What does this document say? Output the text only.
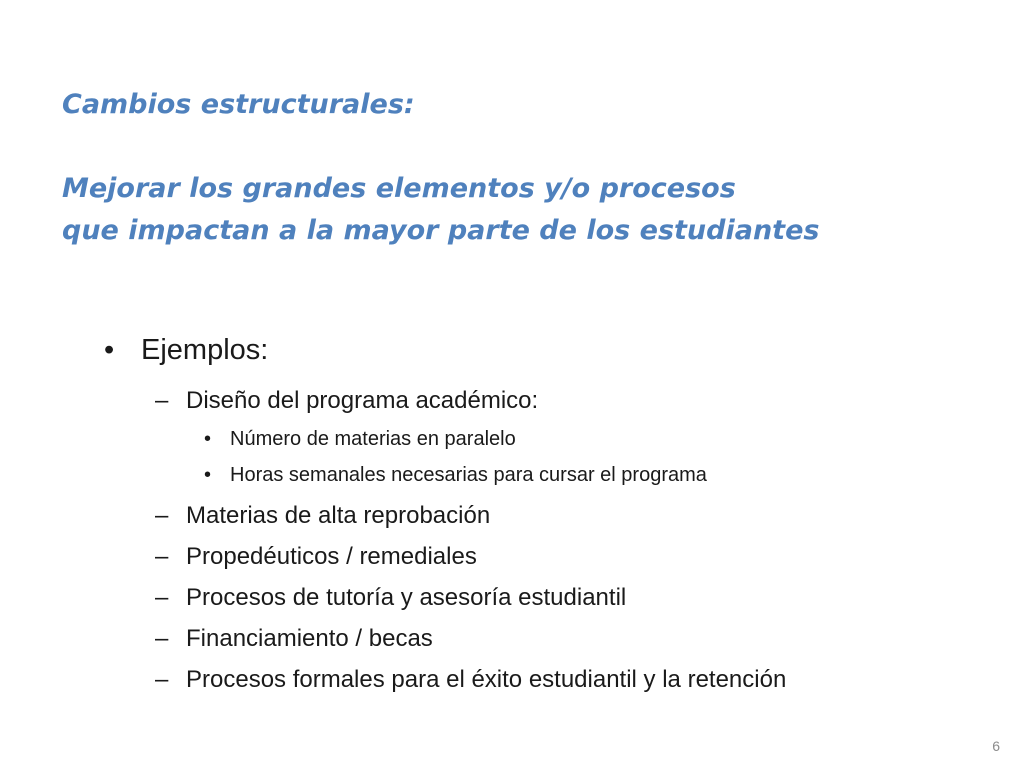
Cambios estructurales:
Mejorar los grandes elementos y/o procesos
que impactan a la mayor parte de los estudiantes
• Ejemplos:
– Diseño del programa académico:
• Número de materias en paralelo
• Horas semanales necesarias para cursar el programa
– Materias de alta reprobación
– Propedéuticos / remediales
– Procesos de tutoría y asesoría estudiantil
– Financiamiento / becas
– Procesos formales para el éxito estudiantil y la retención
6
